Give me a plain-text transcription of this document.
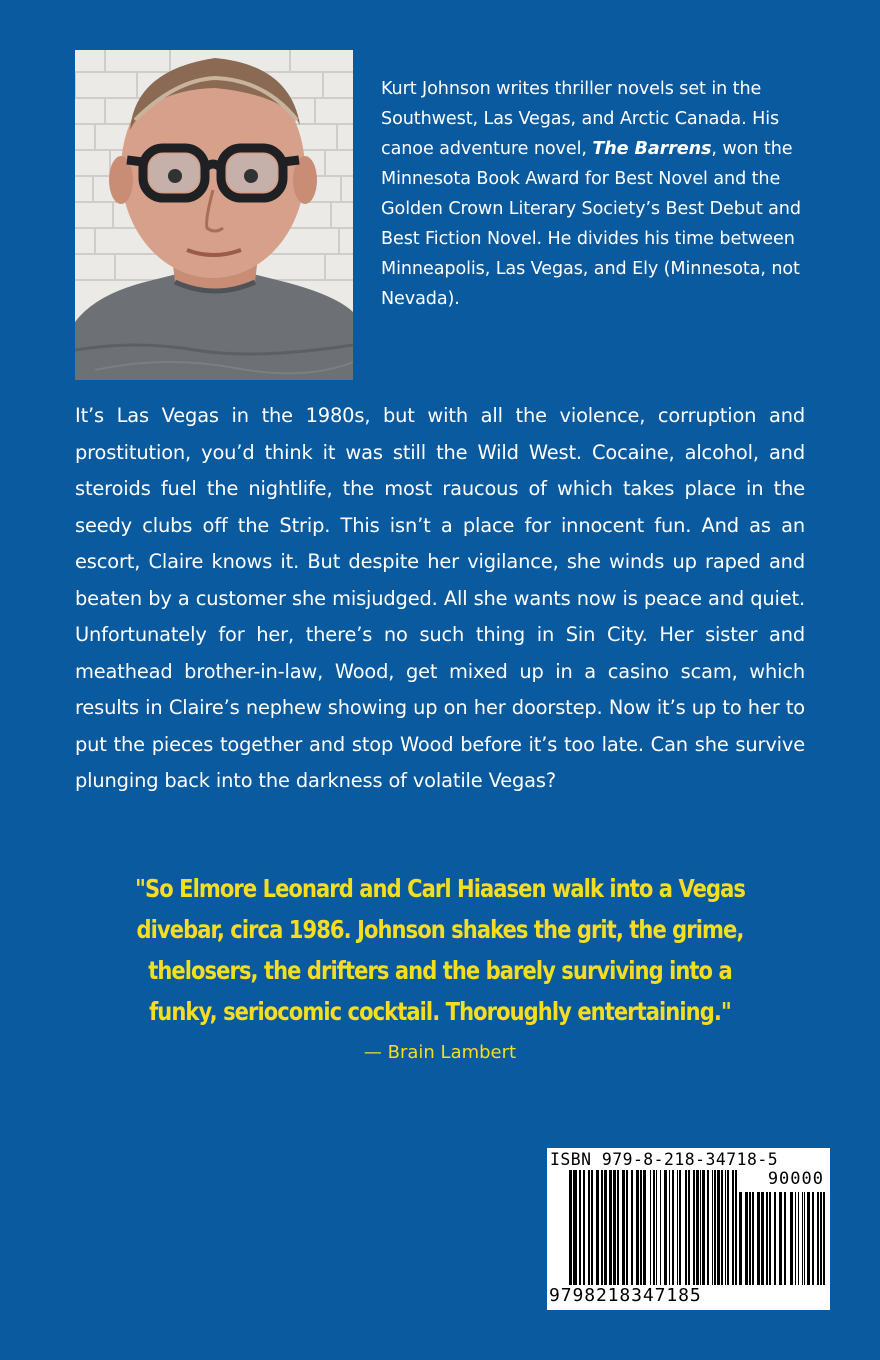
Kurt Johnson writes thriller novels set in the Southwest, Las Vegas, and Arctic Canada. His canoe adventure novel, The Barrens, won the Minnesota Book Award for Best Novel and the Golden Crown Literary Society’s Best Debut and Best Fiction Novel. He divides his time between Minneapolis, Las Vegas, and Ely (Minnesota, not Nevada).

It’s Las Vegas in the 1980s, but with all the violence, corruption and prostitution, you’d think it was still the Wild West. Cocaine, alcohol, and steroids fuel the nightlife, the most raucous of which takes place in the seedy clubs off the Strip. This isn’t a place for innocent fun. And as an escort, Claire knows it. But despite her vigilance, she winds up raped and beaten by a customer she misjudged. All she wants now is peace and quiet. Unfortunately for her, there’s no such thing in Sin City. Her sister and meathead brother-in-law, Wood, get mixed up in a casino scam, which results in Claire’s nephew showing up on her doorstep. Now it’s up to her to put the pieces together and stop Wood before it’s too late. Can she survive plunging back into the darkness of volatile Vegas?

"So Elmore Leonard and Carl Hiaasen walk into a Vegas
divebar, circa 1986. Johnson shakes the grit, the grime,
thelosers, the drifters and the barely surviving into a
funky, seriocomic cocktail. Thoroughly entertaining."

— Brain Lambert

ISBN 979-8-218-34718-5
90000
9798218347185
